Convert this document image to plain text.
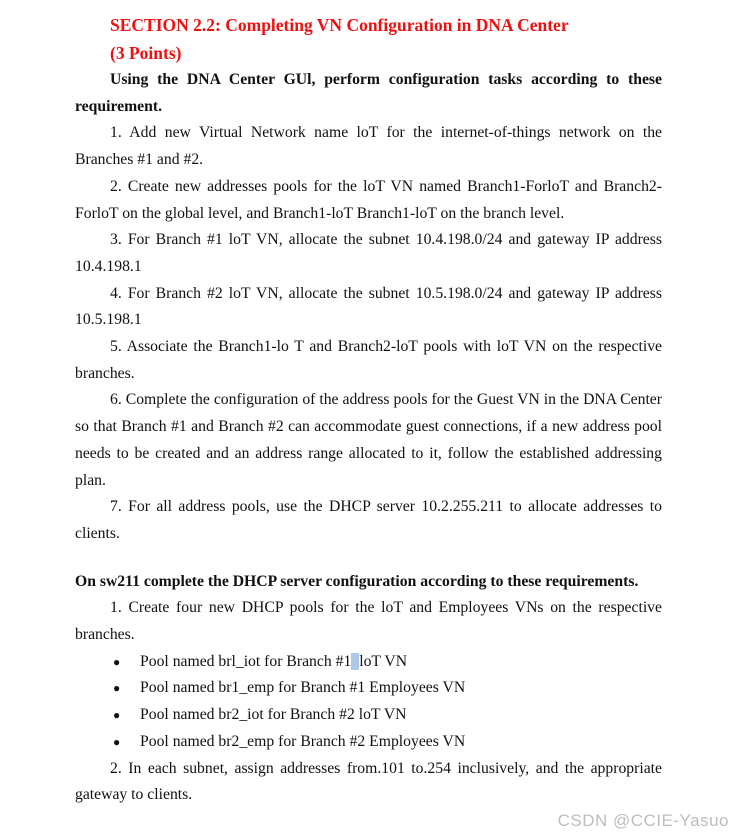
SECTION 2.2: Completing VN Configuration in DNA Center
(3 Points)

Using the DNA Center GUl, perform configuration tasks according to these requirement.

1. Add new Virtual Network name loT for the internet-of-things network on the Branches #1 and #2.

2. Create new addresses pools for the loT VN named Branch1-ForloT and Branch2-ForloT on the global level, and Branch1-loT Branch1-loT on the branch level.

3. For Branch #1 loT VN, allocate the subnet 10.4.198.0/24 and gateway IP address 10.4.198.1

4. For Branch #2 loT VN, allocate the subnet 10.5.198.0/24 and gateway IP address 10.5.198.1

5. Associate the Branch1-lo T and Branch2-loT pools with loT VN on the respective branches.

6. Complete the configuration of the address pools for the Guest VN in the DNA Center so that Branch #1 and Branch #2 can accommodate guest connections, if a new address pool needs to be created and an address range allocated to it, follow the established addressing plan.

7. For all address pools, use the DHCP server 10.2.255.211 to allocate addresses to clients.

On sw211 complete the DHCP server configuration according to these requirements.

1. Create four new DHCP pools for the loT and Employees VNs on the respective branches.

● Pool named brl_iot for Branch #1 loT VN
● Pool named br1_emp for Branch #1 Employees VN
● Pool named br2_iot for Branch #2 loT VN
● Pool named br2_emp for Branch #2 Employees VN

2. In each subnet, assign addresses from.101 to.254 inclusively, and the appropriate gateway to clients.

CSDN @CCIE-Yasuo
